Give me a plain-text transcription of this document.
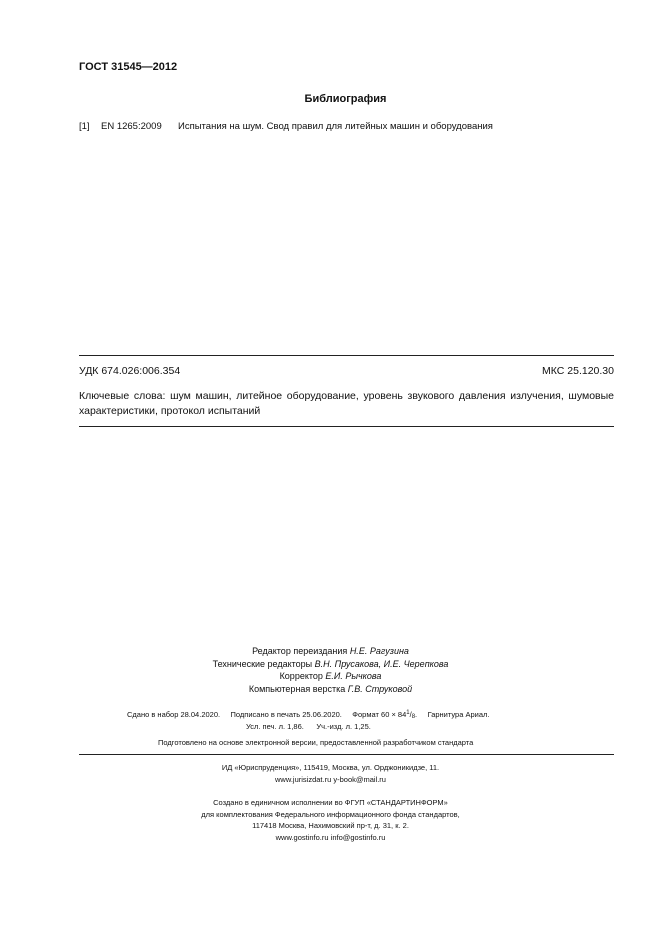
ГОСТ 31545—2012
Библиография
[1] EN 1265:2009 Испытания на шум. Свод правил для литейных машин и оборудования
УДК 674.026:006.354	МКС 25.120.30
Ключевые слова: шум машин, литейное оборудование, уровень звукового давления излучения, шумовые характеристики, протокол испытаний
Редактор переиздания Н.Е. Рагузина
Технические редакторы В.Н. Прусакова, И.Е. Черепкова
Корректор Е.И. Рычкова
Компьютерная верстка Г.В. Струковой
Сдано в набор 28.04.2020. Подписано в печать 25.06.2020. Формат $60 \times 84^1/_8$.     Гарнитура Ариал.
Усл. печ. л. 1,86. Уч.-изд. л. 1,25.
Подготовлено на основе электронной версии, предоставленной разработчиком стандарта
ИД «Юриспруденция», 115419, Москва, ул. Орджоникидзе, 11.
www.jurisizdat.ru y-book@mail.ru
Создано в единичном исполнении во ФГУП «СТАНДАРТИНФОРМ»
для комплектования Федерального информационного фонда стандартов,
117418 Москва, Нахимовский пр-т, д. 31, к. 2.
www.gostinfo.ru info@gostinfo.ru
